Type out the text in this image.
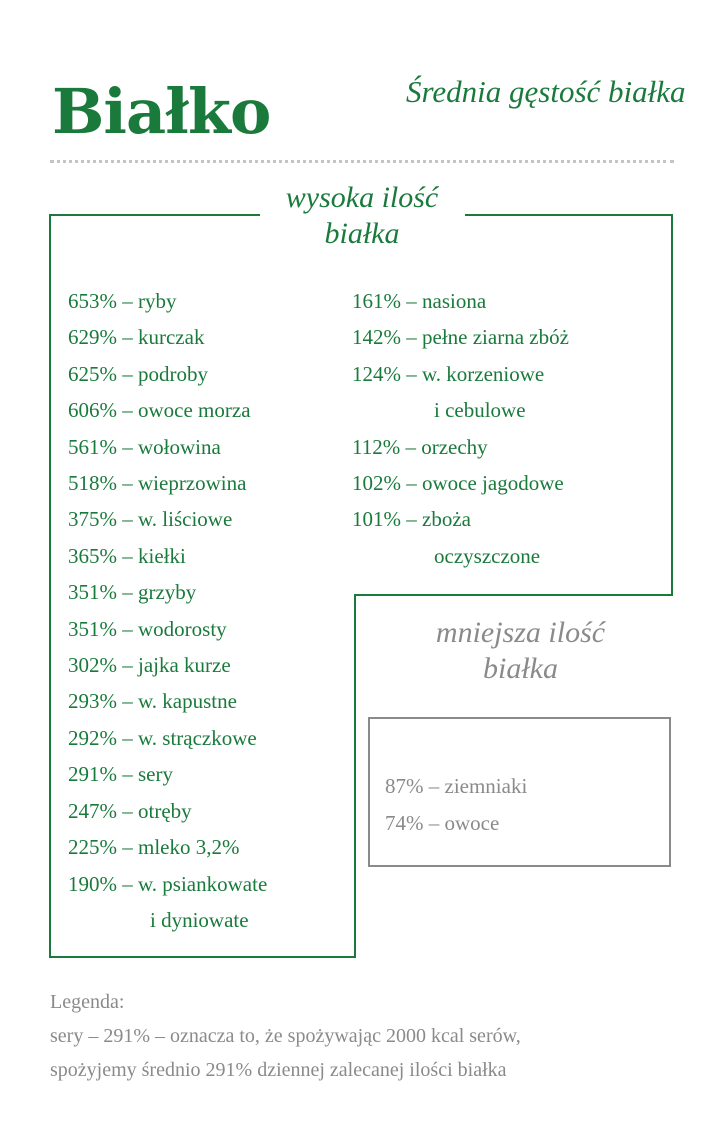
Białko	Średnia gęstość białka
wysoka ilość
białka
653% – ryby
629% – kurczak
625% – podroby
606% – owoce morza
561% – wołowina
518% – wieprzowina
375% – w. liściowe
365% – kiełki
351% – grzyby
351% – wodorosty
302% – jajka kurze
293% – w. kapustne
292% – w. strączkowe
291% – sery
247% – otręby
225% – mleko 3,2%
190% – w. psiankowate
i dyniowate
161% – nasiona
142% – pełne ziarna zbóż
124% – w. korzeniowe
i cebulowe
112% – orzechy
102% – owoce jagodowe
101% – zboża
oczyszczone
mniejsza ilość
białka
87% – ziemniaki
74% – owoce
Legenda:
sery – 291% – oznacza to, że spożywając 2000 kcal serów,
spożyjemy średnio 291% dziennej zalecanej ilości białka
